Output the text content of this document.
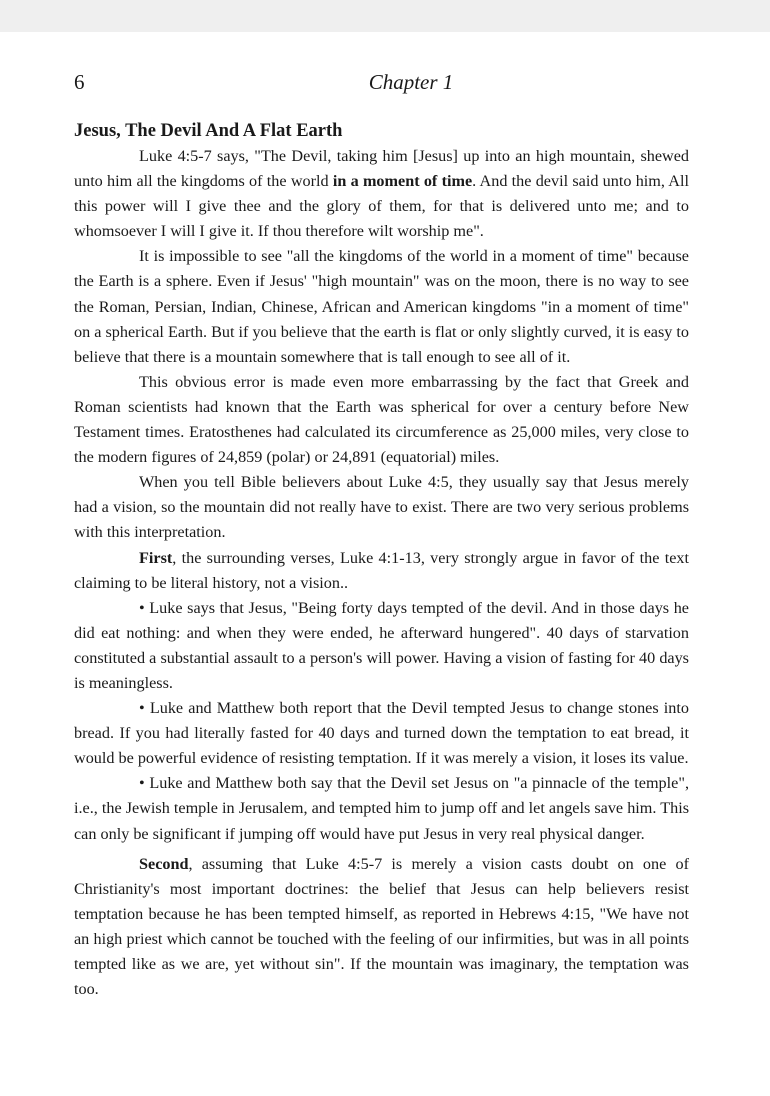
6	Chapter 1
Jesus, The Devil And A Flat Earth

Luke 4:5-7 says, "The Devil, taking him [Jesus] up into an high mountain, shewed unto him all the kingdoms of the world in a moment of time. And the devil said unto him, All this power will I give thee and the glory of them, for that is delivered unto me; and to whomsoever I will I give it. If thou therefore wilt worship me".

It is impossible to see "all the kingdoms of the world in a moment of time" because the Earth is a sphere. Even if Jesus' "high mountain" was on the moon, there is no way to see the Roman, Persian, Indian, Chinese, African and American kingdoms "in a moment of time" on a spherical Earth. But if you believe that the earth is flat or only slightly curved, it is easy to believe that there is a mountain somewhere that is tall enough to see all of it.

This obvious error is made even more embarrassing by the fact that Greek and Roman scientists had known that the Earth was spherical for over a century before New Testament times. Eratosthenes had calculated its circumference as 25,000 miles, very close to the modern figures of 24,859 (polar) or 24,891 (equatorial) miles.

When you tell Bible believers about Luke 4:5, they usually say that Jesus merely had a vision, so the mountain did not really have to exist. There are two very serious problems with this interpretation.

First, the surrounding verses, Luke 4:1-13, very strongly argue in favor of the text claiming to be literal history, not a vision..

• Luke says that Jesus, "Being forty days tempted of the devil. And in those days he did eat nothing: and when they were ended, he afterward hungered". 40 days of starvation constituted a substantial assault to a person's will power. Having a vision of fasting for 40 days is meaningless.

• Luke and Matthew both report that the Devil tempted Jesus to change stones into bread. If you had literally fasted for 40 days and turned down the temptation to eat bread, it would be powerful evidence of resisting temptation. If it was merely a vision, it loses its value.

• Luke and Matthew both say that the Devil set Jesus on "a pinnacle of the temple", i.e., the Jewish temple in Jerusalem, and tempted him to jump off and let angels save him. This can only be significant if jumping off would have put Jesus in very real physical danger.

Second, assuming that Luke 4:5-7 is merely a vision casts doubt on one of Christianity's most important doctrines: the belief that Jesus can help believers resist temptation because he has been tempted himself, as reported in Hebrews 4:15, "We have not an high priest which cannot be touched with the feeling of our infirmities, but was in all points tempted like as we are, yet without sin". If the mountain was imaginary, the temptation was too.
